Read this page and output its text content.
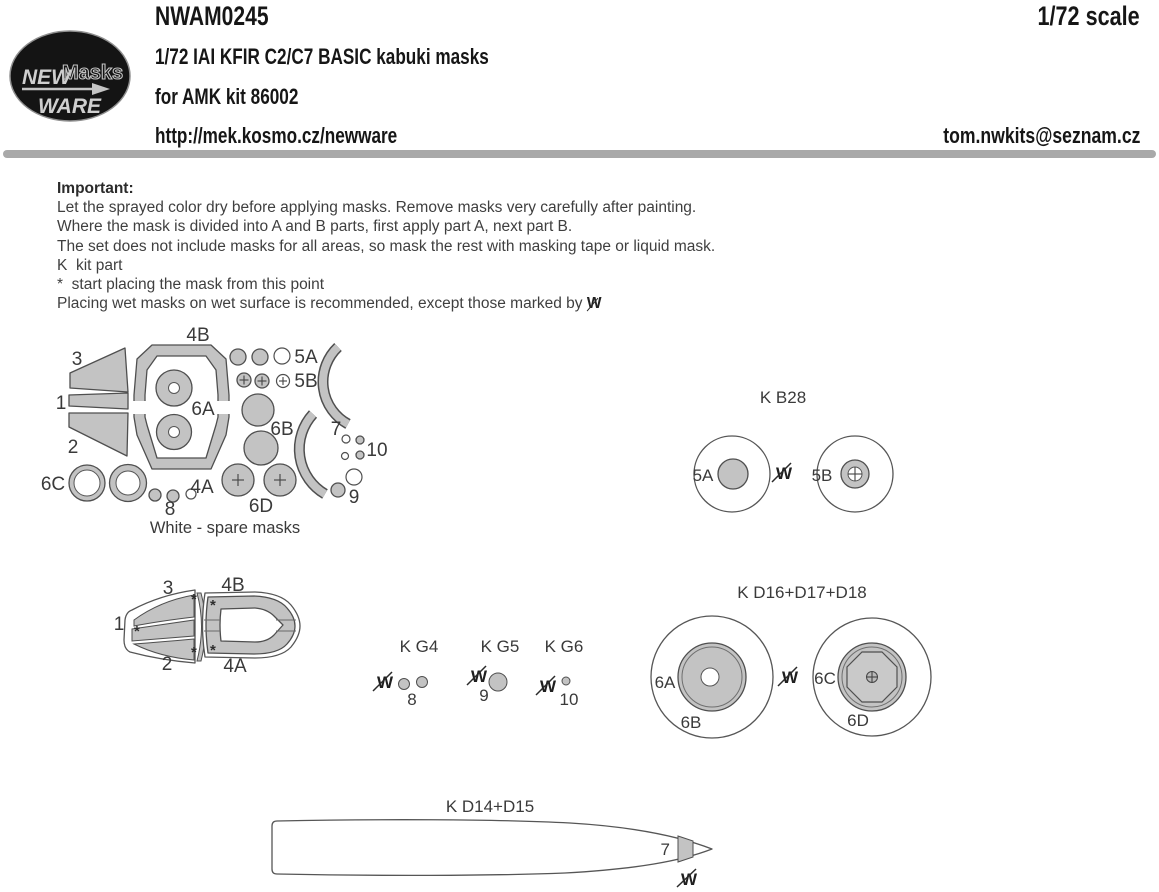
NEW
Masks
WARE
NWAM0245	1/72 scale
1/72 IAI KFIR C2/C7 BASIC kabuki masks
for AMK kit 86002
http://mek.kosmo.cz/newware	tom.nwkits@seznam.cz
Important:
Let the sprayed color dry before applying masks. Remove masks very carefully after painting.
Where the mask is divided into A and B parts, first apply part A, next part B.
The set does not include masks for all areas, so mask the rest with masking tape or liquid mask.
K  kit part
*  start placing the mask from this point
Placing wet masks on wet surface is recommended, except those marked by W
4B
3
1
2
6A
4A
5A
5B
6B
6C
6D
7
8
9
10
White - spare masks
K B28
5A	W 5B
* *
*
* *
3	4B
1
2	4A
K G4 K G5 K G6
W
8
W
9	W
10
K D16+D17+D18
6A
6B
W 6C
6D
K D14+D15
7
W
